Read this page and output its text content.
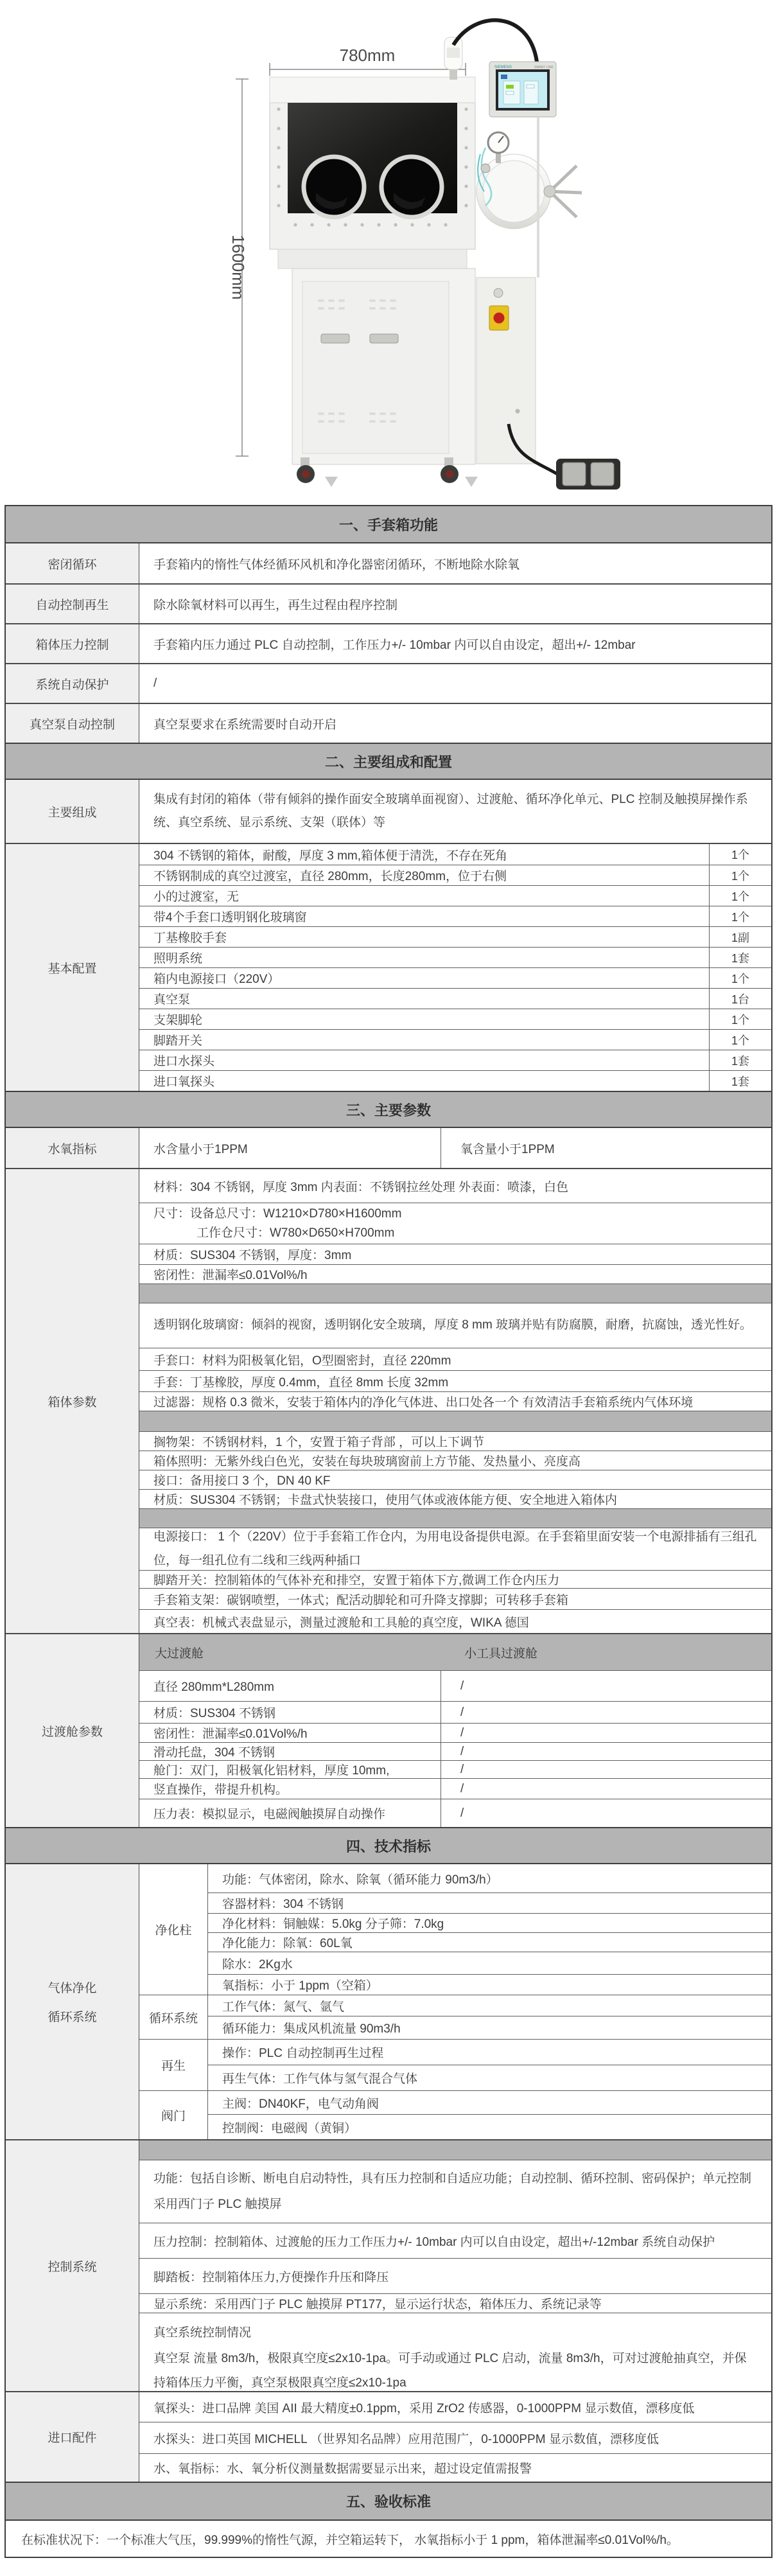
780mm
1600mm
SIEMENS	SMART LINE
一、手套箱功能
密闭循环	手套箱内的惰性气体经循环风机和净化器密闭循环，不断地除水除氧
自动控制再生	除水除氧材料可以再生，再生过程由程序控制
箱体压力控制	手套箱内压力通过 PLC 自动控制，工作压力+/- 10mbar 内可以自由设定，超出+/- 12mbar
系统自动保护	/
真空泵自动控制	真空泵要求在系统需要时自动开启
二、主要组成和配置
主要组成
集成有封闭的箱体（带有倾斜的操作面安全玻璃单面视窗）、过渡舱、循环净化单元、PLC 控制及触摸屏操作系统、真空系统、显示系统、支架（联体）等
基本配置
304 不锈钢的箱体，耐酸，厚度 3 mm,箱体便于清洗，不存在死角	1个
不锈钢制成的真空过渡室，直径 280mm，长度280mm，位于右侧	1个
小的过渡室，无	1个
带4个手套口透明钢化玻璃窗	1个
丁基橡胶手套	1副
照明系统	1套
箱内电源接口（220V）	1个
真空泵	1台
支架脚轮	1个
脚踏开关	1个
进口水探头	1套
进口氧探头	1套
三、主要参数
水氧指标	水含量小于1PPM	氧含量小于1PPM
箱体参数
材料：304 不锈钢，厚度 3mm 内表面：不锈钢拉丝处理 外表面：喷漆，白色
尺寸：设备总尺寸：W1210×D780×H1600mm
工作仓尺寸：W780×D650×H700mm
材质：SUS304 不锈钢，厚度：3mm
密闭性：泄漏率≤0.01Vol%/h
透明钢化玻璃窗：倾斜的视窗，透明钢化安全玻璃，厚度 8 mm 玻璃并贴有防腐膜，耐磨，抗腐蚀，透光性好。
手套口：材料为阳极氧化铝，O型圈密封，直径 220mm
手套：丁基橡胶，厚度 0.4mm，直径 8mm 长度 32mm
过滤器：规格 0.3 微米，安装于箱体内的净化气体进、出口处各一个 有效清洁手套箱系统内气体环境
搁物架：不锈钢材料，1 个，安置于箱子背部 ，可以上下调节
箱体照明：无紫外线白色光，安装在每块玻璃窗前上方节能、发热量小、亮度高
接口：备用接口 3 个，DN 40 KF
材质：SUS304 不锈钢；卡盘式快装接口，使用气体或液体能方便、安全地进入箱体内
电源接口： 1 个（220V）位于手套箱工作仓内，为用电设备提供电源。在手套箱里面安装一个电源排插有三组孔位，每一组孔位有二线和三线两种插口
脚踏开关：控制箱体的气体补充和排空，安置于箱体下方,微调工作仓内压力
手套箱支架：碳钢喷塑，一体式；配活动脚轮和可升降支撑脚；可转移手套箱
真空表：机械式表盘显示，测量过渡舱和工具舱的真空度，WIKA 德国
过渡舱参数
大过渡舱	小工具过渡舱
直径 280mm*L280mm	/
材质：SUS304 不锈钢	/
密闭性：泄漏率≤0.01Vol%/h	/
滑动托盘，304 不锈钢	/
舱门：双门，阳极氧化铝材料，厚度 10mm,	/
竖直操作，带提升机构。	/
压力表：模拟显示，电磁阀触摸屏自动操作	/
四、技术指标
气体净化
循环系统
净化柱
功能：气体密闭，除水、除氧（循环能力 90m3/h）
容器材料：304 不锈钢
净化材料：铜触媒：5.0kg 分子筛：7.0kg
净化能力：除氧：60L氧
除水：2Kg水
氧指标：小于 1ppm（空箱）
循环系统
工作气体：氮气、氩气
循环能力：集成风机流量 90m3/h
再生
操作：PLC 自动控制再生过程
再生气体：工作气体与氢气混合气体
阀门
主阀：DN40KF，电气动角阀
控制阀：电磁阀（黄铜）
控制系统
功能：包括自诊断、断电自启动特性，具有压力控制和自适应功能；自动控制、循环控制、密码保护；单元控制采用西门子 PLC 触摸屏
压力控制：控制箱体、过渡舱的压力工作压力+/- 10mbar 内可以自由设定，超出+/-12mbar 系统自动保护
脚踏板：控制箱体压力,方便操作升压和降压
显示系统：采用西门子 PLC 触摸屏 PT177，显示运行状态，箱体压力、系统记录等
真空系统控制情况
真空泵 流量 8m3/h，极限真空度≤2x10-1pa。可手动或通过 PLC 启动，流量 8m3/h，可对过渡舱抽真空，并保持箱体压力平衡，真空泵极限真空度≤2x10-1pa
进口配件
氧探头：进口品牌 美国 AII 最大精度±0.1ppm，采用 ZrO2 传感器，0-1000PPM 显示数值，漂移度低
水探头：进口英国 MICHELL （世界知名品牌）应用范围广，0-1000PPM 显示数值，漂移度低
水、氧指标：水、氧分析仪测量数据需要显示出来，超过设定值需报警
五、验收标准
在标准状况下：一个标准大气压，99.999%的惰性气源，并空箱运转下， 水氧指标小于 1 ppm，箱体泄漏率≤0.01Vol%/h。
